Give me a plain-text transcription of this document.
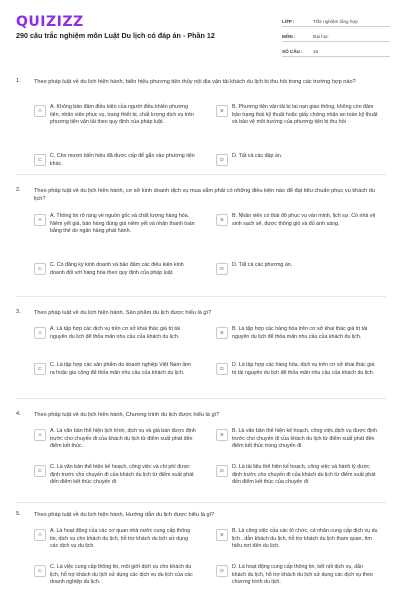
QUIZIZZ
290 câu trắc nghiệm môn Luật Du lịch có đáp án - Phần 12
LỚP :	Trắc nghiệm tổng hợp
MÔN :	Đại học
SỐ CÂU :	15
1. Theo pháp luật về du lịch hiện hành, biển hiệu phương tiện thủy nội địa vận tải khách du lịch bị thu hồi trong các trường hợp nào?
A
A. Không bảo đảm điều kiện của người điều khiển phương tiện, nhân viên phục vụ, trang thiết bị, chất lượng dịch vụ trên phương tiện vận tải theo quy định của pháp luật.
B
B. Phương tiện vận tải bị tai nạn giao thông, không còn đảm bảo trạng thái kỹ thuật hoặc giấy chứng nhận an toàn kỹ thuật và bảo vệ môi trường của phương tiện bị thu hồi
C
C. Cho mượn biển hiệu đã được cấp để gắn vào phương tiện khác.
D
D. Tất cả các đáp án.
2. Theo pháp luật về du lịch hiện hành, cơ sở kinh doanh dịch vụ mua sắm phải có những điều kiện nào để đạt tiêu chuẩn phục vụ khách du lịch?
A
A. Thông tin rõ ràng về nguồn gốc và chất lượng hàng hóa. Niêm yết giá, bán hàng đúng giá niêm yết và nhận thanh toán bằng thẻ do ngân hàng phát hành.
B
B. Nhân viên có thái độ phục vụ văn minh, lịch sự. Có nhà vệ sinh sạch sẽ, được thông gió và đủ ánh sáng.
C
C. Có đăng ký kinh doanh và bảo đảm các điều kiện kinh doanh đối với hàng hóa theo quy định của pháp luật.
D
D. Tất cả các phương án.
3. Theo pháp luật về du lịch hiện hành, Sản phẩm du lịch được hiểu là gì?
A
A. Là tập hợp các dịch vụ trên cơ sở khai thác giá trị tài nguyên du lịch để thỏa mãn nhu cầu của khách du lịch.
B
B. Là tập hợp các hàng hóa trên cơ sở khai thác giá trị tài nguyên du lịch để thỏa mãn nhu cầu của khách du lịch.
C
C. Là tập hợp các sản phẩm do doanh nghiệp Việt Nam làm ra hoặc gia công để thỏa mãn nhu cầu của khách du lịch.
D
D. Là tập hợp các hàng hóa, dịch vụ trên cơ sở khai thác giá trị tài nguyên du lịch để thỏa mãn nhu cầu của khách du lịch.
4. Theo pháp luật về du lịch hiện hành, Chương trình du lịch được hiểu là gì?
A
A. Là văn bản thể hiện lịch trình, dịch vụ và giá bán được định trước cho chuyến đi của khách du lịch từ điểm xuất phát đến điểm kết thúc.
B
B. Là văn bản thể hiện kế hoạch, công việc,dịch vụ được định trước cho chuyến đi của khách du lịch từ điểm xuất phát đến điểm kết thúc trong chuyến đi
C
C. Là văn bản thể hiện kế hoạch, công việc và chi phí được định trước cho chuyến đi của khách du lịch từ điểm xuất phát đến điểm kết thúc chuyến đi
D
D. Là tài liệu thể hiện kế hoạch, công việc và hành lý được định trước cho chuyến đi của khách du lịch từ điểm xuất phát đến điểm kết thúc của chuyến đi
5. Theo pháp luật về du lịch hiện hành, Hướng dẫn du lịch được hiểu là gì?
A
A. Là hoạt động của các cơ quan nhà nước cung cấp thông tin, dịch vụ cho khách du lịch, hỗ trợ khách du lịch sử dụng các dịch vụ du lịch.
B
B. Là công việc của các tổ chức, cá nhân cung cấp dịch vụ du lịch , dẫn khách du lịch, hỗ trợ khách du lịch tham quan, tìm hiểu nơi đến du lịch.
C
C. Là việc cung cấp thông tin, môi giới dịch vụ cho khách du lịch, hỗ trợ khách du lịch sử dụng các dịch vụ du lịch của các doanh nghiệp du lịch.
D
D. Là hoạt động cung cấp thông tin, kết nối dịch vụ, dẫn khách du lịch, hỗ trợ khách du lịch sử dụng các dịch vụ theo chương trình du lịch.
